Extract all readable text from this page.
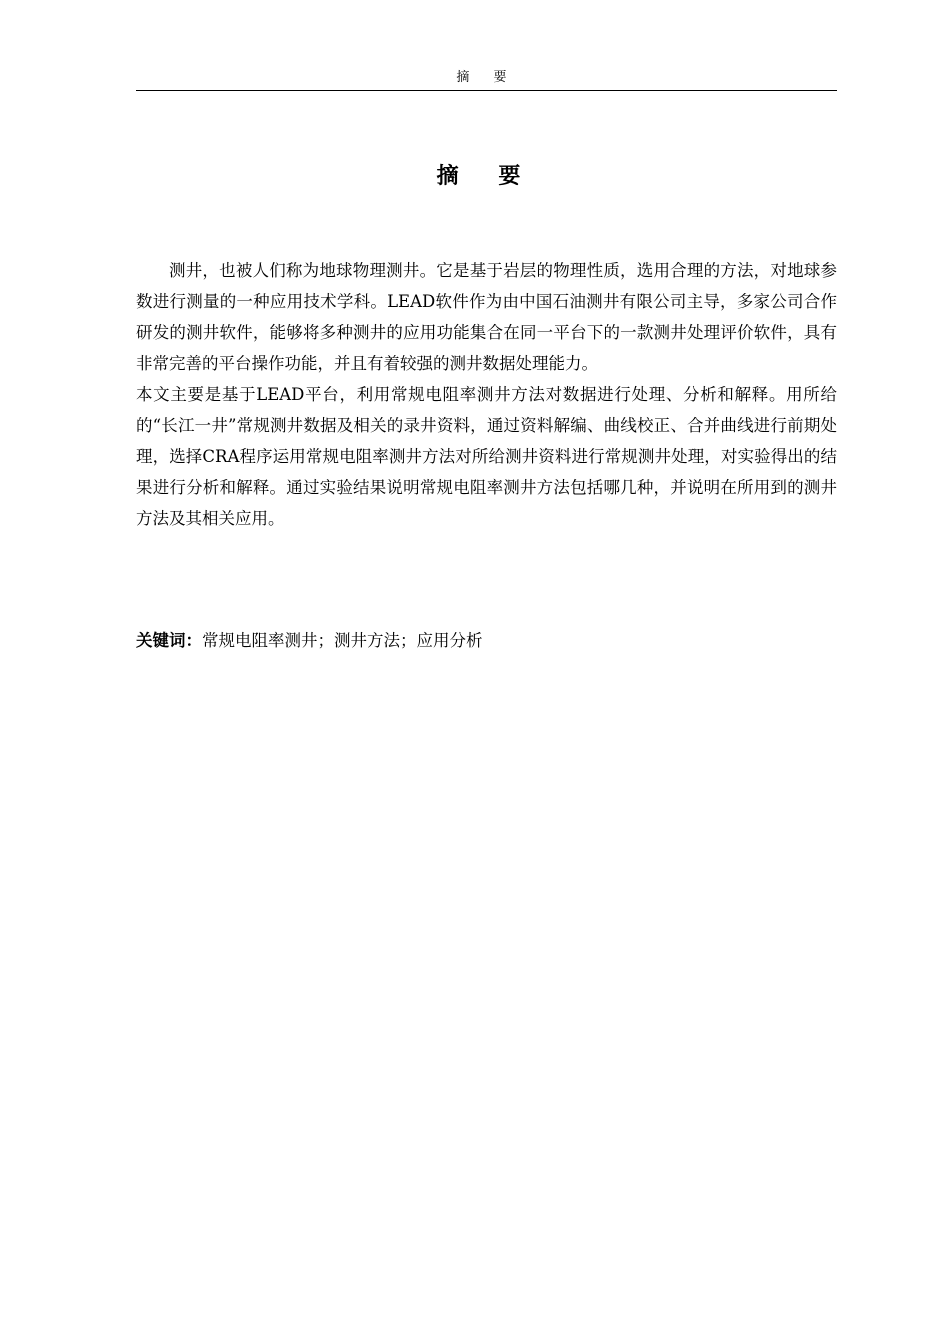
摘 要
摘 要

测井，也被人们称为地球物理测井。它是基于岩层的物理性质，选用合理的方法，对地球参数进行测量的一种应用技术学科。LEAD软件作为由中国石油测井有限公司主导，多家公司合作研发的测井软件，能够将多种测井的应用功能集合在同一平台下的一款测井处理评价软件，具有非常完善的平台操作功能，并且有着较强的测井数据处理能力。

本文主要是基于LEAD平台，利用常规电阻率测井方法对数据进行处理、分析和解释。用所给的“长江一井”常规测井数据及相关的录井资料，通过资料解编、曲线校正、合并曲线进行前期处理，选择CRA程序运用常规电阻率测井方法对所给测井资料进行常规测井处理，对实验得出的结果进行分析和解释。通过实验结果说明常规电阻率测井方法包括哪几种，并说明在所用到的测井方法及其相关应用。

关键词：常规电阻率测井；测井方法；应用分析
